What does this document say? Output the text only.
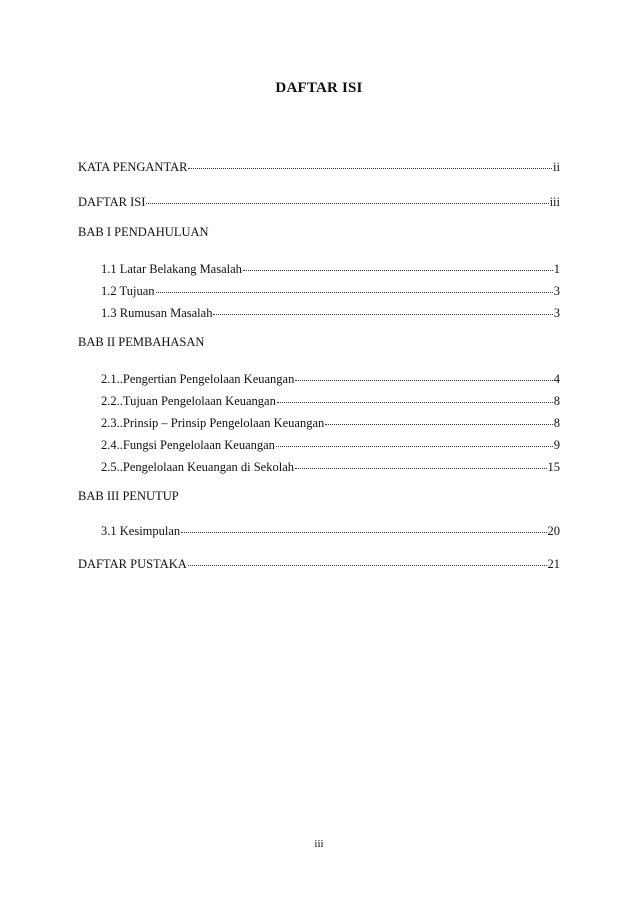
DAFTAR ISI
KATA PENGANTAR	ii
DAFTAR ISI	iii
BAB I PENDAHULUAN
1.1 Latar Belakang Masalah	1
1.2 Tujuan	3
1.3 Rumusan Masalah	3
BAB II PEMBAHASAN
2.1..Pengertian Pengelolaan Keuangan	4
2.2..Tujuan Pengelolaan Keuangan	8
2.3..Prinsip – Prinsip Pengelolaan Keuangan	8
2.4..Fungsi Pengelolaan Keuangan	9
2.5..Pengelolaan Keuangan di Sekolah	15
BAB III PENUTUP
3.1 Kesimpulan	20
DAFTAR PUSTAKA	21
iii
